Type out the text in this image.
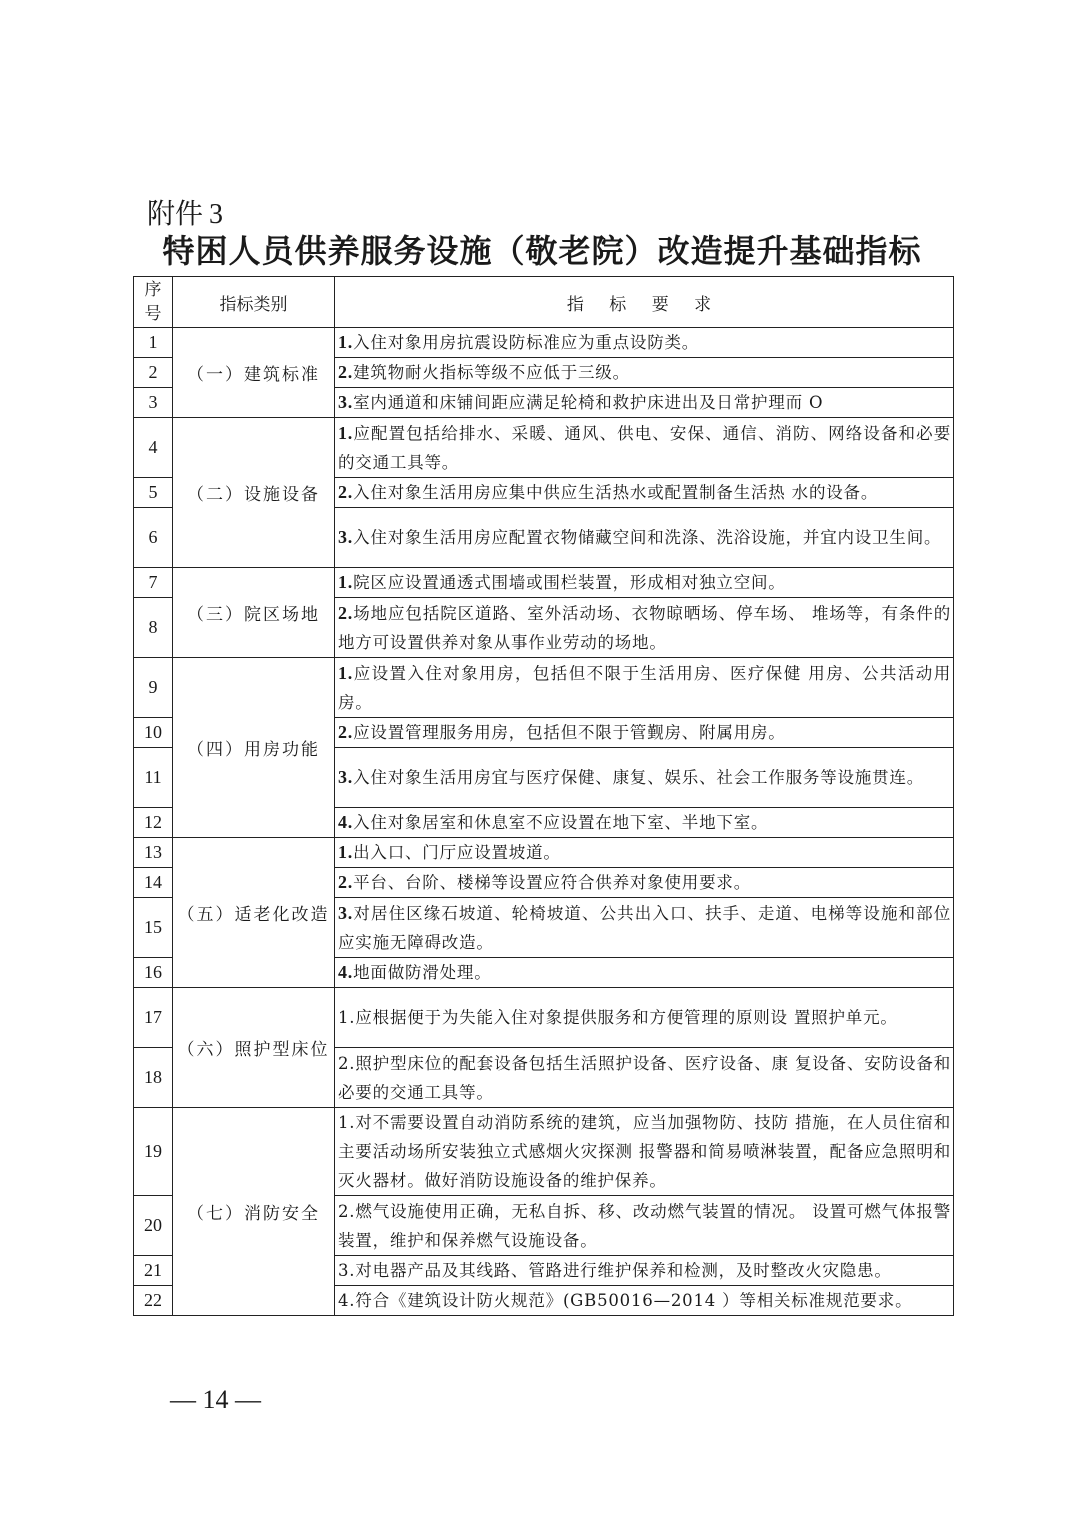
附件 3
特困人员供养服务设施（敬老院）改造提升基础指标
序号	指标类别	指 标 要 求
1	（一）建筑标准	1.入住对象用房抗震设防标准应为重点设防类。
2		2.建筑物耐火指标等级不应低于三级。
3		3.室内通道和床铺间距应满足轮椅和救护床进出及日常护理而 O
4	（二）设施设备	1.应配置包括给排水、采暖、通风、供电、安保、通信、消防、网络设备和必要的交通工具等。
5		2.入住对象生活用房应集中供应生活热水或配置制备生活热 水的设备。
6		3.入住对象生活用房应配置衣物储藏空间和洗涤、洗浴设施，并宜内设卫生间。
7	（三）院区场地	1.院区应设置通透式围墙或围栏装置，形成相对独立空间。
8		2.场地应包括院区道路、室外活动场、衣物晾晒场、停车场、 堆场等，有条件的地方可设置供养对象从事作业劳动的场地。
9	（四）用房功能	1.应设置入住对象用房，包括但不限于生活用房、医疗保健 用房、公共活动用房。
10		2.应设置管理服务用房，包括但不限于管觐房、附属用房。
11		3.入住对象生活用房宜与医疗保健、康复、娱乐、社会工作服务等设施贯连。
12		4.入住对象居室和休息室不应设置在地下室、半地下室。
13	（五）适老化改造	1.出入口、门厅应设置坡道。
14		2.平台、台阶、楼梯等设置应符合供养对象使用要求。
15		3.对居住区缘石坡道、轮椅坡道、公共出入口、扶手、走道、电梯等设施和部位应实施无障碍改造。
16		4.地面做防滑处理。
17	（六）照护型床位	1.应根据便于为失能入住对象提供服务和方便管理的原则设 置照护单元。
18		2.照护型床位的配套设备包括生活照护设备、医疗设备、康 复设备、安防设备和必要的交通工具等。
19	（七）消防安全	1.对不需要设置自动消防系统的建筑，应当加强物防、技防 措施，在人员住宿和主要活动场所安装独立式感烟火灾探测 报警器和简易喷淋装置，配备应急照明和灭火器材。做好消防设施设备的维护保养。
20		2.燃气设施使用正确，无私自拆、移、改动燃气装置的情况。 设置可燃气体报警装置，维护和保养燃气设施设备。
21		3.对电器产品及其线路、管路进行维护保养和检测，及时整改火灾隐患。
22		4.符合《建筑设计防火规范》(GB50016—2014 ）等相关标准规范要求。
— 14 —
